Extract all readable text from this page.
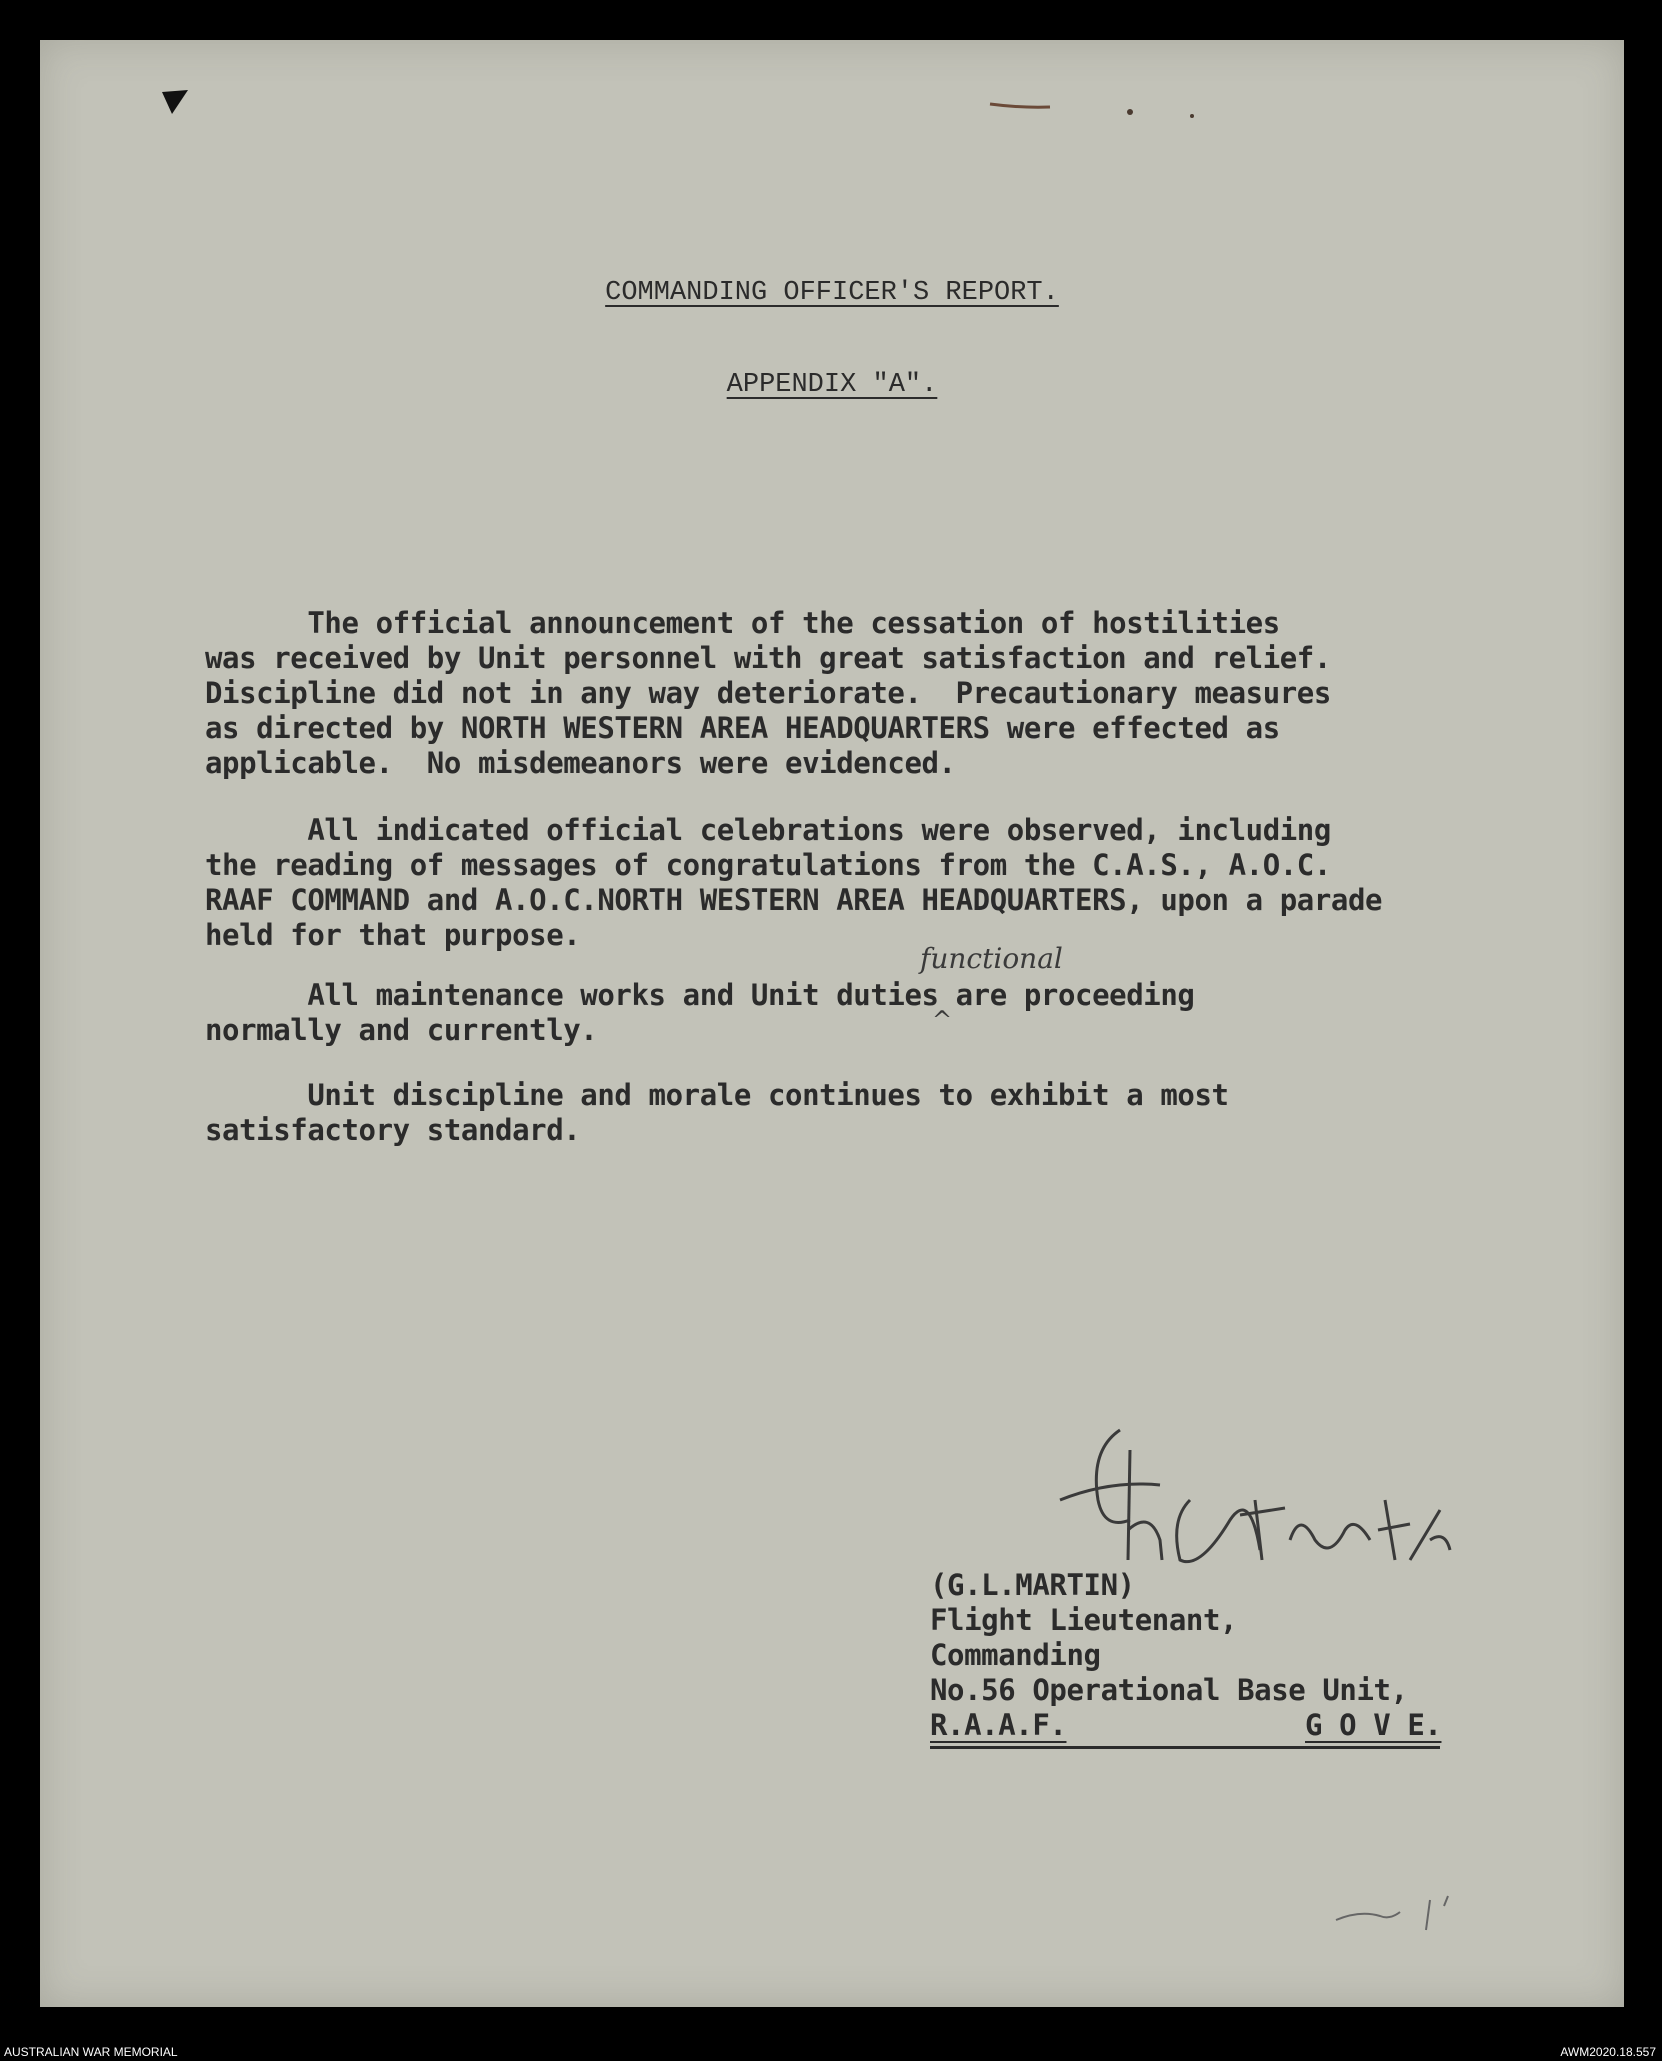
COMMANDING OFFICER'S REPORT.
APPENDIX "A".
The official announcement of the cessation of hostilities
was received by Unit personnel with great satisfaction and relief.
Discipline did not in any way deteriorate.  Precautionary measures
as directed by NORTH WESTERN AREA HEADQUARTERS were effected as
applicable.  No misdemeanors were evidenced.
All indicated official celebrations were observed, including
the reading of messages of congratulations from the C.A.S., A.O.C.
RAAF COMMAND and A.O.C.NORTH WESTERN AREA HEADQUARTERS, upon a parade
held for that purpose.
functional
^
All maintenance works and Unit duties are proceeding
normally and currently.
Unit discipline and morale continues to exhibit a most
satisfactory standard.
(G.L.MARTIN)
Flight Lieutenant,
Commanding
No.56 Operational Base Unit,
R.A.A.F.	G O V E.
AUSTRALIAN WAR MEMORIAL	AWM2020.18.557
